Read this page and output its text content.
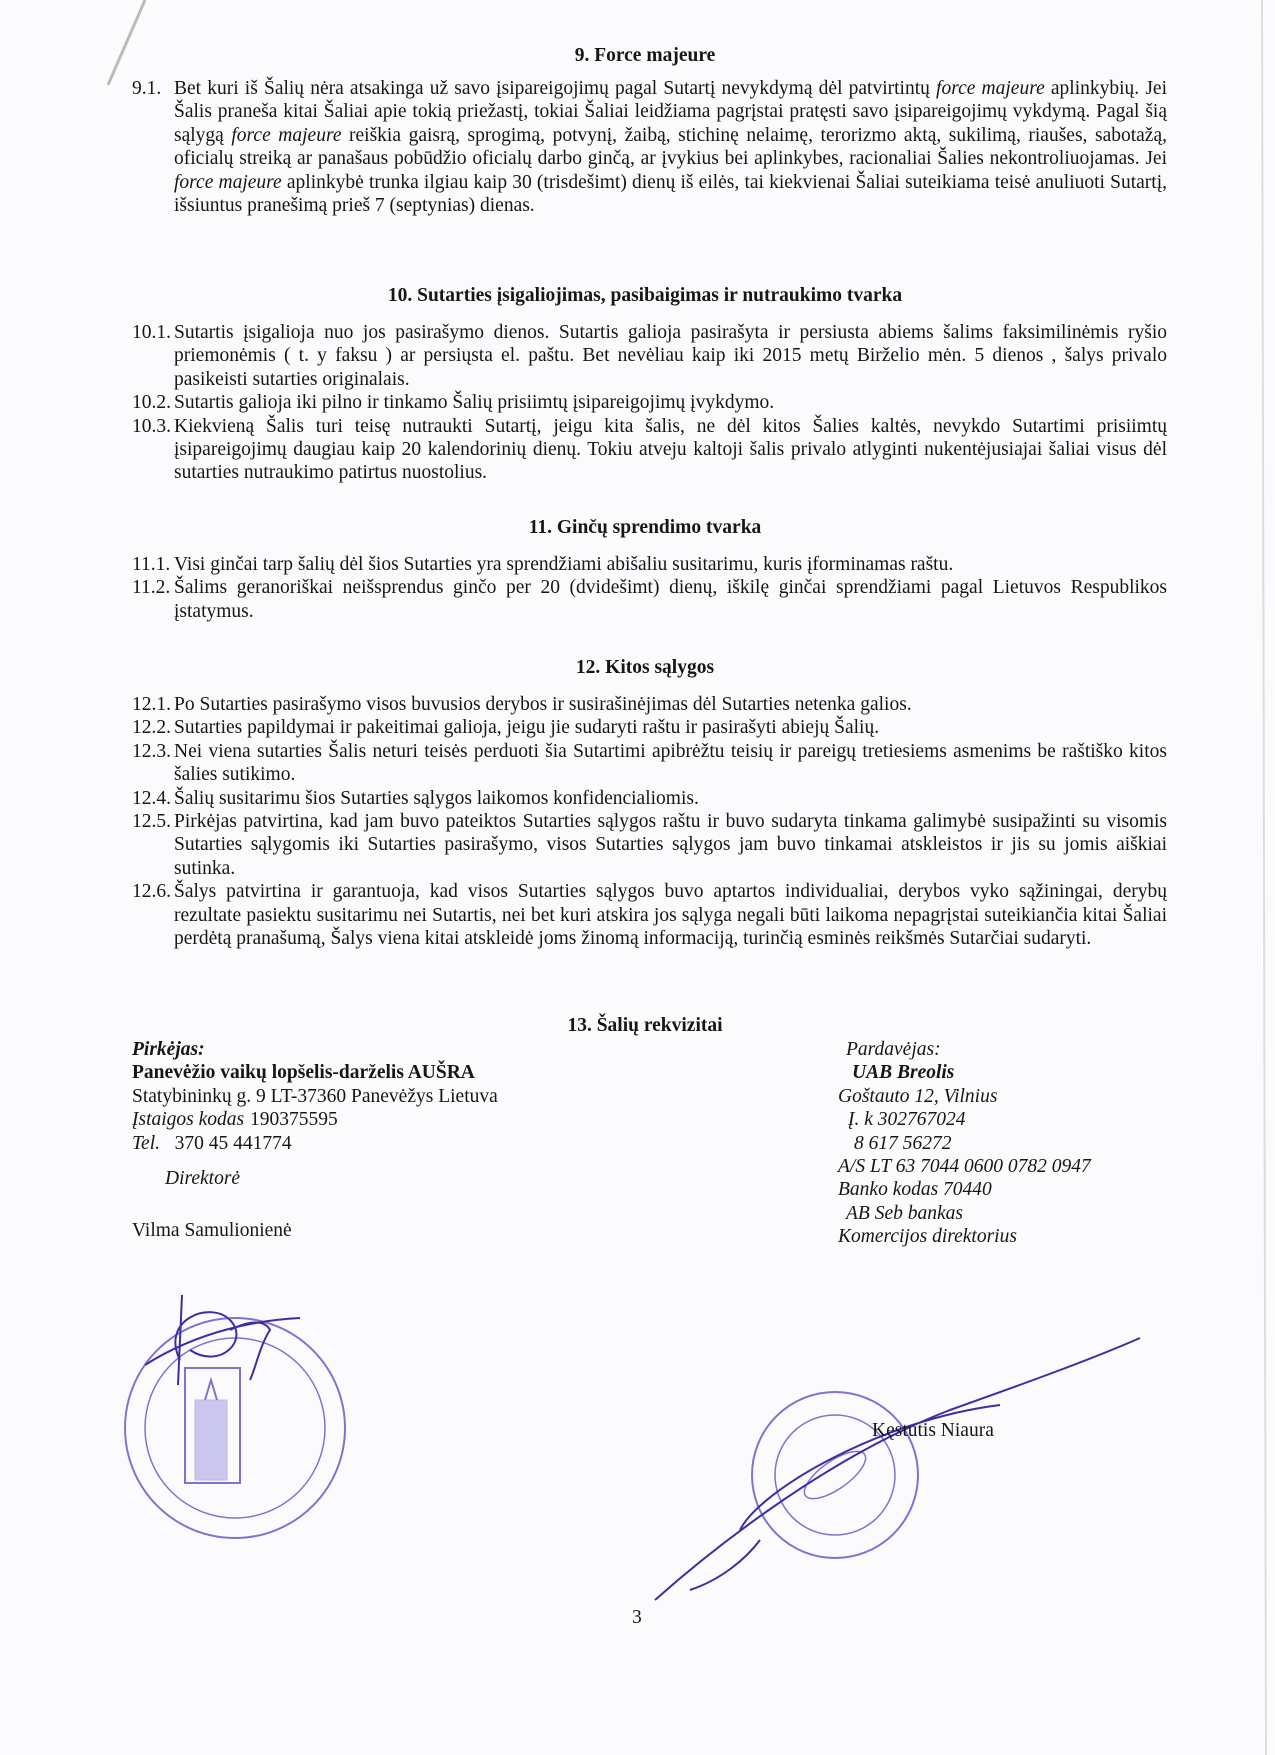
9. Force majeure

9.1. Bet kuri iš Šalių nėra atsakinga už savo įsipareigojimų pagal Sutartį nevykdymą dėl patvirtintų force majeure aplinkybių. Jei Šalis praneša kitai Šaliai apie tokią priežastį, tokiai Šaliai leidžiama pagrįstai pratęsti savo įsipareigojimų vykdymą. Pagal šią sąlygą force majeure reiškia gaisrą, sprogimą, potvynį, žaibą, stichinę nelaimę, terorizmo aktą, sukilimą, riaušes, sabotažą, oficialų streiką ar panašaus pobūdžio oficialų darbo ginčą, ar įvykius bei aplinkybes, racionaliai Šalies nekontroliuojamas. Jei force majeure aplinkybė trunka ilgiau kaip 30 (trisdešimt) dienų iš eilės, tai kiekvienai Šaliai suteikiama teisė anuliuoti Sutartį, išsiuntus pranešimą prieš 7 (septynias) dienas.

10. Sutarties įsigaliojimas, pasibaigimas ir nutraukimo tvarka

10.1. Sutartis įsigalioja nuo jos pasirašymo dienos. Sutartis galioja pasirašyta ir persiusta abiems šalims faksimilinėmis ryšio priemonėmis ( t. y faksu ) ar persiųsta el. paštu. Bet nevėliau kaip iki 2015 metų Birželio mėn. 5 dienos , šalys privalo pasikeisti sutarties originalais.

10.2. Sutartis galioja iki pilno ir tinkamo Šalių prisiimtų įsipareigojimų įvykdymo.

10.3. Kiekvieną Šalis turi teisę nutraukti Sutartį, jeigu kita šalis, ne dėl kitos Šalies kaltės, nevykdo Sutartimi prisiimtų įsipareigojimų daugiau kaip 20 kalendorinių dienų. Tokiu atveju kaltoji šalis privalo atlyginti nukentėjusiajai šaliai visus dėl sutarties nutraukimo patirtus nuostolius.

11. Ginčų sprendimo tvarka

11.1. Visi ginčai tarp šalių dėl šios Sutarties yra sprendžiami abišaliu susitarimu, kuris įforminamas raštu.

11.2. Šalims geranoriškai neišsprendus ginčo per 20 (dvidešimt) dienų, iškilę ginčai sprendžiami pagal Lietuvos Respublikos įstatymus.

12. Kitos sąlygos

12.1. Po Sutarties pasirašymo visos buvusios derybos ir susirašinėjimas dėl Sutarties netenka galios.

12.2. Sutarties papildymai ir pakeitimai galioja, jeigu jie sudaryti raštu ir pasirašyti abiejų Šalių.

12.3. Nei viena sutarties Šalis neturi teisės perduoti šia Sutartimi apibrėžtu teisių ir pareigų tretiesiems asmenims be raštiško kitos šalies sutikimo.

12.4. Šalių susitarimu šios Sutarties sąlygos laikomos konfidencialiomis.

12.5. Pirkėjas patvirtina, kad jam buvo pateiktos Sutarties sąlygos raštu ir buvo sudaryta tinkama galimybė susipažinti su visomis Sutarties sąlygomis iki Sutarties pasirašymo, visos Sutarties sąlygos jam buvo tinkamai atskleistos ir jis su jomis aiškiai sutinka.

12.6. Šalys patvirtina ir garantuoja, kad visos Sutarties sąlygos buvo aptartos individualiai, derybos vyko sąžiningai, derybų rezultate pasiektu susitarimu nei Sutartis, nei bet kuri atskira jos sąlyga negali būti laikoma nepagrįstai suteikiančia kitai Šaliai perdėtą pranašumą, Šalys viena kitai atskleidė joms žinomą informaciją, turinčią esminės reikšmės Sutarčiai sudaryti.

13. Šalių rekvizitai
Pirkėjas:
Panevėžio vaikų lopšelis-darželis AUŠRA
Statybininkų g. 9 LT-37360 Panevėžys Lietuva
Įstaigos kodas 190375595
Tel. 370 45 441774
Direktorė
Vilma Samulionienė
Pardavėjas:
UAB Breolis
Goštauto 12, Vilnius
Į. k 302767024
8 617 56272
A/S LT 63 7044 0600 0782 0947
Banko kodas 70440
AB Seb bankas
Komercijos direktorius
Kęstutis Niaura
3
